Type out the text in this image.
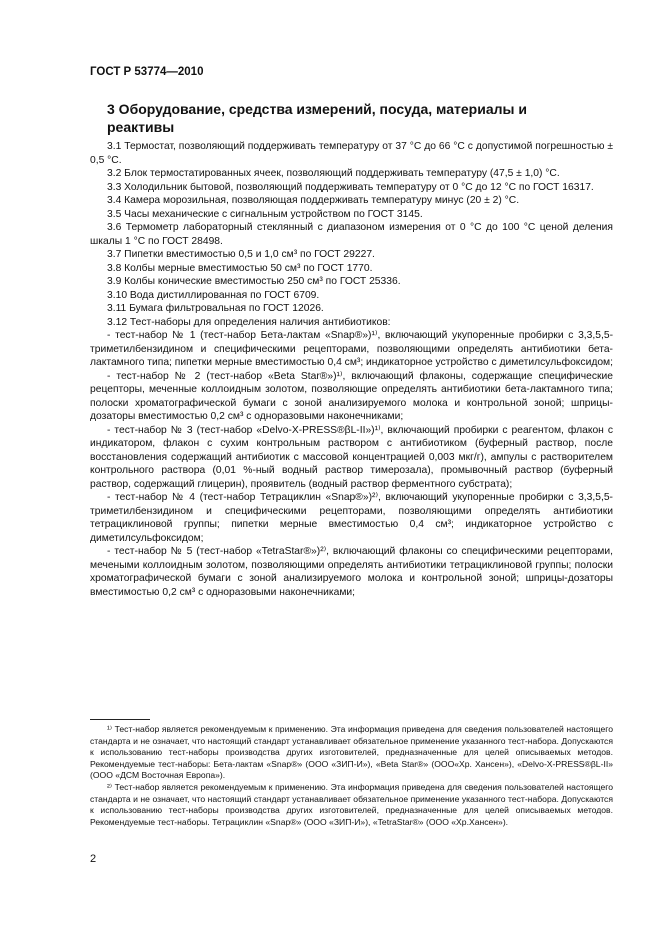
ГОСТ Р 53774—2010
3 Оборудование, средства измерений, посуда, материалы и реактивы

3.1 Термостат, позволяющий поддерживать температуру от 37 °С до 66 °С с допустимой погрешностью ± 0,5 °С.

3.2 Блок термостатированных ячеек, позволяющий поддерживать температуру (47,5 ± 1,0) °С.

3.3 Холодильник бытовой, позволяющий поддерживать температуру от 0 °С до 12 °С по ГОСТ 16317.

3.4 Камера морозильная, позволяющая поддерживать температуру минус (20 ± 2) °С.

3.5 Часы механические с сигнальным устройством по ГОСТ 3145.

3.6 Термометр лабораторный стеклянный с диапазоном измерения от 0 °С до 100 °С ценой деления шкалы 1 °С по ГОСТ 28498.

3.7 Пипетки вместимостью 0,5 и 1,0 см³ по ГОСТ 29227.

3.8 Колбы мерные вместимостью 50 см³ по ГОСТ 1770.

3.9 Колбы конические вместимостью 250 см³ по ГОСТ 25336.

3.10 Вода дистиллированная по ГОСТ 6709.

3.11 Бумага фильтровальная по ГОСТ 12026.

3.12 Тест-наборы для определения наличия антибиотиков:

- тест-набор № 1 (тест-набор Бета-лактам «Snap®»)¹⁾, включающий укупоренные пробирки с 3,3,5,5-триметилбензидином и специфическими рецепторами, позволяющими определять антибиотики бета-лактамного типа; пипетки мерные вместимостью 0,4 см³; индикаторное устройство с диметилсульфоксидом;

- тест-набор № 2 (тест-набор «Beta Star®»)¹⁾, включающий флаконы, содержащие специфические рецепторы, меченные коллоидным золотом, позволяющие определять антибиотики бета-лактамного типа; полоски хроматографической бумаги с зоной анализируемого молока и контрольной зоной; шприцы-дозаторы вместимостью 0,2 см³ с одноразовыми наконечниками;

- тест-набор № 3 (тест-набор «Delvo-X-PRESS®βL-II»)¹⁾, включающий пробирки с реагентом, флакон с индикатором, флакон с сухим контрольным раствором с антибиотиком (буферный раствор, после восстановления содержащий антибиотик с массовой концентрацией 0,003 мкг/г), ампулы с растворителем контрольного раствора (0,01 %-ный водный раствор тимерозала), промывочный раствор (буферный раствор, содержащий глицерин), проявитель (водный раствор ферментного субстрата);

- тест-набор № 4 (тест-набор Тетрациклин «Snap®»)²⁾, включающий укупоренные пробирки с 3,3,5,5-триметилбензидином и специфическими рецепторами, позволяющими определять антибиотики тетрациклиновой группы; пипетки мерные вместимостью 0,4 см³; индикаторное устройство с диметилсульфоксидом;

- тест-набор № 5 (тест-набор «TetraStar®»)²⁾, включающий флаконы со специфическими рецепторами, мечеными коллоидным золотом, позволяющими определять антибиотики тетрациклиновой группы; полоски хроматографической бумаги с зоной анализируемого молока и контрольной зоной; шприцы-дозаторы вместимостью 0,2 см³ с одноразовыми наконечниками;

¹⁾ Тест-набор является рекомендуемым к применению. Эта информация приведена для сведения пользователей настоящего стандарта и не означает, что настоящий стандарт устанавливает обязательное применение указанного тест-набора. Допускаются к использованию тест-наборы производства других изготовителей, предназначенные для целей описываемых методов. Рекомендуемые тест-наборы: Бета-лактам «Snap®» (ООО «ЗИП-И»), «Beta Star®» (ООО«Хр. Хансен»), «Delvo-X-PRESS®βL-II» (ООО «ДСМ Восточная Европа»).

²⁾ Тест-набор является рекомендуемым к применению. Эта информация приведена для сведения пользователей настоящего стандарта и не означает, что настоящий стандарт устанавливает обязательное применение указанного тест-набора. Допускаются к использованию тест-наборы производства других изготовителей, предназначенные для целей описываемых методов. Рекомендуемые тест-наборы. Тетрациклин «Snap®» (ООО «ЗИП-И»), «TetraStar®» (ООО «Хр.Хансен»).

2
